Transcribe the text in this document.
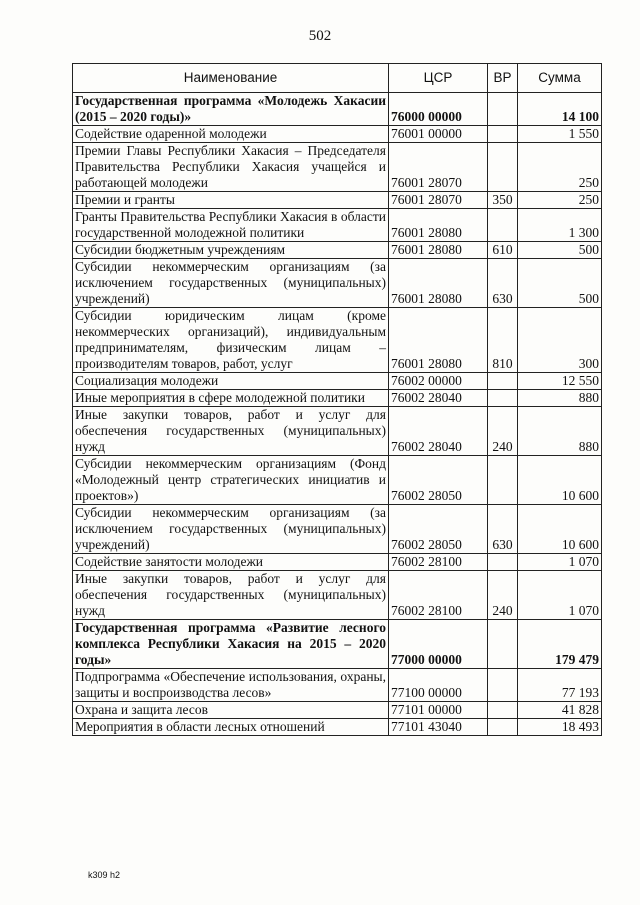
502
Наименование	ЦСР	ВР	Сумма
Государственная программа «Молодежь Хакасии (2015 – 2020 годы)»	76000 00000		14 100
Содействие одаренной молодежи	76001 00000		1 550
Премии Главы Республики Хакасия – Председателя Правительства Республики Хакасия учащейся и работающей молодежи	76001 28070		250
Премии и гранты	76001 28070	350	250
Гранты Правительства Республики Хакасия в области государственной молодежной политики	76001 28080		1 300
Субсидии бюджетным учреждениям	76001 28080	610	500
Субсидии некоммерческим организациям (за исключением государственных (муниципальных) учреждений)	76001 28080	630	500
Субсидии юридическим лицам (кроме некоммерческих организаций), индивидуальным предпринимателям, физическим лицам – производителям товаров, работ, услуг	76001 28080	810	300
Социализация молодежи	76002 00000		12 550
Иные мероприятия в сфере молодежной политики	76002 28040		880
Иные закупки товаров, работ и услуг для обеспечения государственных (муниципальных) нужд	76002 28040	240	880
Субсидии некоммерческим организациям (Фонд «Молодежный центр стратегических инициатив и проектов»)	76002 28050		10 600
Субсидии некоммерческим организациям (за исключением государственных (муниципальных) учреждений)	76002 28050	630	10 600
Содействие занятости молодежи	76002 28100		1 070
Иные закупки товаров, работ и услуг для обеспечения государственных (муниципальных) нужд	76002 28100	240	1 070
Государственная программа «Развитие лесного комплекса Республики Хакасия на 2015 – 2020 годы»	77000 00000		179 479
Подпрограмма «Обеспечение использования, охраны, защиты и воспроизводства лесов»	77100 00000		77 193
Охрана и защита лесов	77101 00000		41 828
Мероприятия в области лесных отношений	77101 43040		18 493
k309 h2
